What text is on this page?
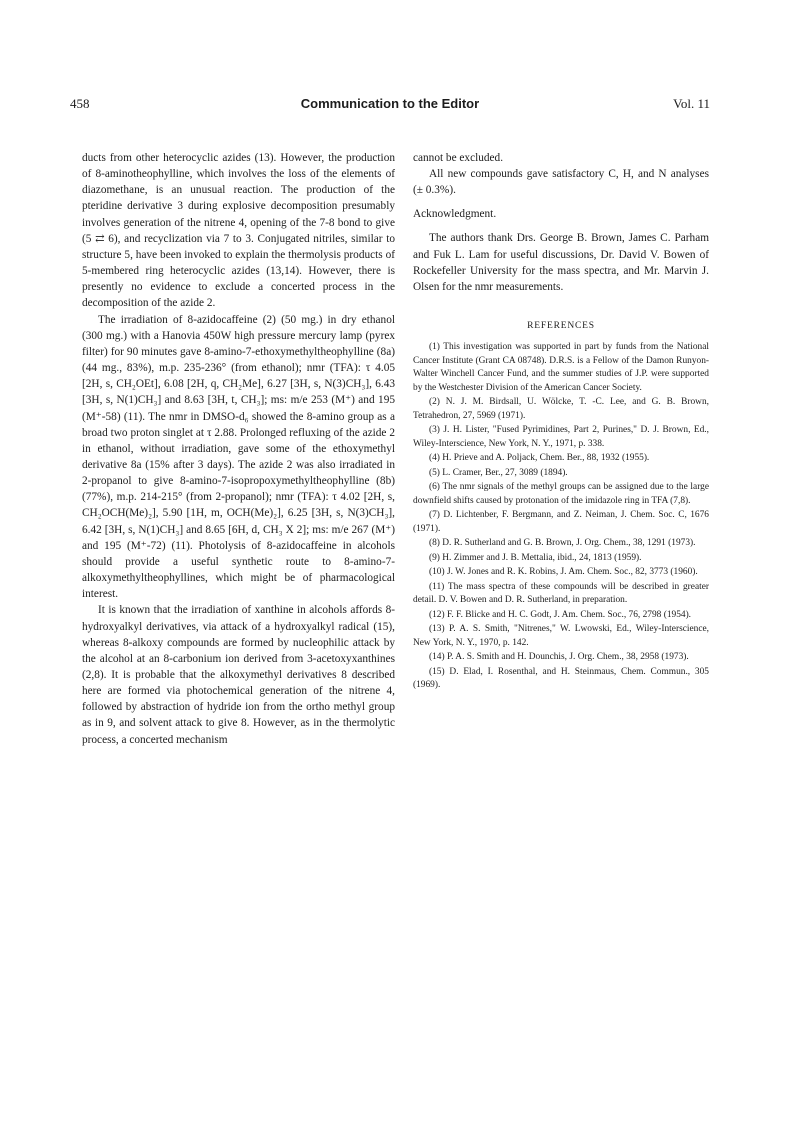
458	Communication to the Editor	Vol. 11

ducts from other heterocyclic azides (13). However, the production of 8-aminotheophylline, which involves the loss of the elements of diazomethane, is an unusual reaction. The production of the pteridine derivative 3 during explosive decomposition presumably involves generation of the nitrene 4, opening of the 7-8 bond to give (5 ⇄ 6), and recyclization via 7 to 3. Conjugated nitriles, similar to structure 5, have been invoked to explain the thermolysis products of 5-membered ring heterocyclic azides (13,14). However, there is presently no evidence to exclude a concerted process in the decomposition of the azide 2.

The irradiation of 8-azidocaffeine (2) (50 mg.) in dry ethanol (300 mg.) with a Hanovia 450W high pressure mercury lamp (pyrex filter) for 90 minutes gave 8-amino-7-ethoxymethyltheophylline (8a) (44 mg., 83%), m.p. 235-236° (from ethanol); nmr (TFA): τ 4.05 [2H, s, CH₂OEt], 6.08 [2H, q, CH₂Me], 6.27 [3H, s, N(3)CH₃], 6.43 [3H, s, N(1)CH₃] and 8.63 [3H, t, CH₃]; ms: m/e 253 (M⁺) and 195 (M⁺-58) (11). The nmr in DMSO-d₆ showed the 8-amino group as a broad two proton singlet at τ 2.88. Prolonged refluxing of the azide 2 in ethanol, without irradiation, gave some of the ethoxymethyl derivative 8a (15% after 3 days). The azide 2 was also irradiated in 2-propanol to give 8-amino-7-isopropoxymethyltheophylline (8b) (77%), m.p. 214-215° (from 2-propanol); nmr (TFA): τ 4.02 [2H, s, CH₂OCH(Me)₂], 5.90 [1H, m, OCH(Me)₂], 6.25 [3H, s, N(3)CH₃], 6.42 [3H, s, N(1)CH₃] and 8.65 [6H, d, CH₃ X 2]; ms: m/e 267 (M⁺) and 195 (M⁺-72) (11). Photolysis of 8-azidocaffeine in alcohols should provide a useful synthetic route to 8-amino-7-alkoxymethyltheophyllines, which might be of pharmacological interest.

It is known that the irradiation of xanthine in alcohols affords 8-hydroxyalkyl derivatives, via attack of a hydroxyalkyl radical (15), whereas 8-alkoxy compounds are formed by nucleophilic attack by the alcohol at an 8-carbonium ion derived from 3-acetoxyxanthines (2,8). It is probable that the alkoxymethyl derivatives 8 described here are formed via photochemical generation of the nitrene 4, followed by abstraction of hydride ion from the ortho methyl group as in 9, and solvent attack to give 8. However, as in the thermolytic process, a concerted mechanism

cannot be excluded.

All new compounds gave satisfactory C, H, and N analyses (± 0.3%).

Acknowledgment.

The authors thank Drs. George B. Brown, James C. Parham and Fuk L. Lam for useful discussions, Dr. David V. Bowen of Rockefeller University for the mass spectra, and Mr. Marvin J. Olsen for the nmr measurements.

REFERENCES

(1) This investigation was supported in part by funds from the National Cancer Institute (Grant CA 08748). D.R.S. is a Fellow of the Damon Runyon-Walter Winchell Cancer Fund, and the summer studies of J.P. were supported by the Westchester Division of the American Cancer Society.

(2) N. J. M. Birdsall, U. Wölcke, T. -C. Lee, and G. B. Brown, Tetrahedron, 27, 5969 (1971).

(3) J. H. Lister, "Fused Pyrimidines, Part 2, Purines," D. J. Brown, Ed., Wiley-Interscience, New York, N. Y., 1971, p. 338.

(4) H. Prieve and A. Poljack, Chem. Ber., 88, 1932 (1955).

(5) L. Cramer, Ber., 27, 3089 (1894).

(6) The nmr signals of the methyl groups can be assigned due to the large downfield shifts caused by protonation of the imidazole ring in TFA (7,8).

(7) D. Lichtenber, F. Bergmann, and Z. Neiman, J. Chem. Soc. C, 1676 (1971).

(8) D. R. Sutherland and G. B. Brown, J. Org. Chem., 38, 1291 (1973).

(9) H. Zimmer and J. B. Mettalia, ibid., 24, 1813 (1959).

(10) J. W. Jones and R. K. Robins, J. Am. Chem. Soc., 82, 3773 (1960).

(11) The mass spectra of these compounds will be described in greater detail. D. V. Bowen and D. R. Sutherland, in preparation.

(12) F. F. Blicke and H. C. Godt, J. Am. Chem. Soc., 76, 2798 (1954).

(13) P. A. S. Smith, "Nitrenes," W. Lwowski, Ed., Wiley-Interscience, New York, N. Y., 1970, p. 142.

(14) P. A. S. Smith and H. Dounchis, J. Org. Chem., 38, 2958 (1973).

(15) D. Elad, I. Rosenthal, and H. Steinmaus, Chem. Commun., 305 (1969).
